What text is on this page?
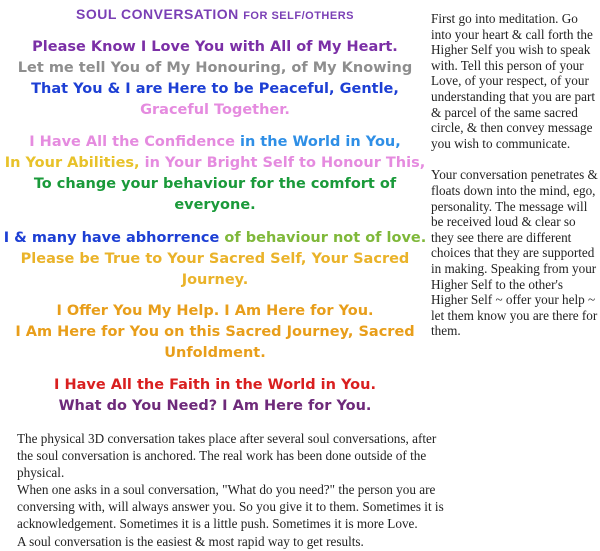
SOUL CONVERSATION FOR SELF/OTHERS
Please Know I Love You with All of My Heart.
Let me tell You of My Honouring, of My Knowing
That You & I are Here to be Peaceful, Gentle,
Graceful Together.
I Have All the Confidence in the World in You,
In Your Abilities, in Your Bright Self to Honour This,
To change your behaviour for the comfort of
everyone.
I & many have abhorrence of behaviour not of love.
Please be True to Your Sacred Self, Your Sacred
Journey.
I Offer You My Help. I Am Here for You.
I Am Here for You on this Sacred Journey, Sacred
Unfoldment.
I Have All the Faith in the World in You.
What do You Need? I Am Here for You.
The physical 3D conversation takes place after several soul conversations, after the soul conversation is anchored. The real work has been done outside of the physical.
When one asks in a soul conversation, "What do you need?" the person you are conversing with, will always answer you. So you give it to them. Sometimes it is acknowledgement. Sometimes it is a little push. Sometimes it is more Love.
A soul conversation is the easiest & most rapid way to get results.

First go into meditation. Go into your heart & call forth the Higher Self you wish to speak with. Tell this person of your Love, of your respect, of your understanding that you are part & parcel of the same sacred circle, & then convey message you wish to communicate.

Your conversation penetrates & floats down into the mind, ego, personality. The message will be received loud & clear so they see there are different choices that they are supported in making. Speaking from your Higher Self to the other's Higher Self ~ offer your help ~ let them know you are there for them.
